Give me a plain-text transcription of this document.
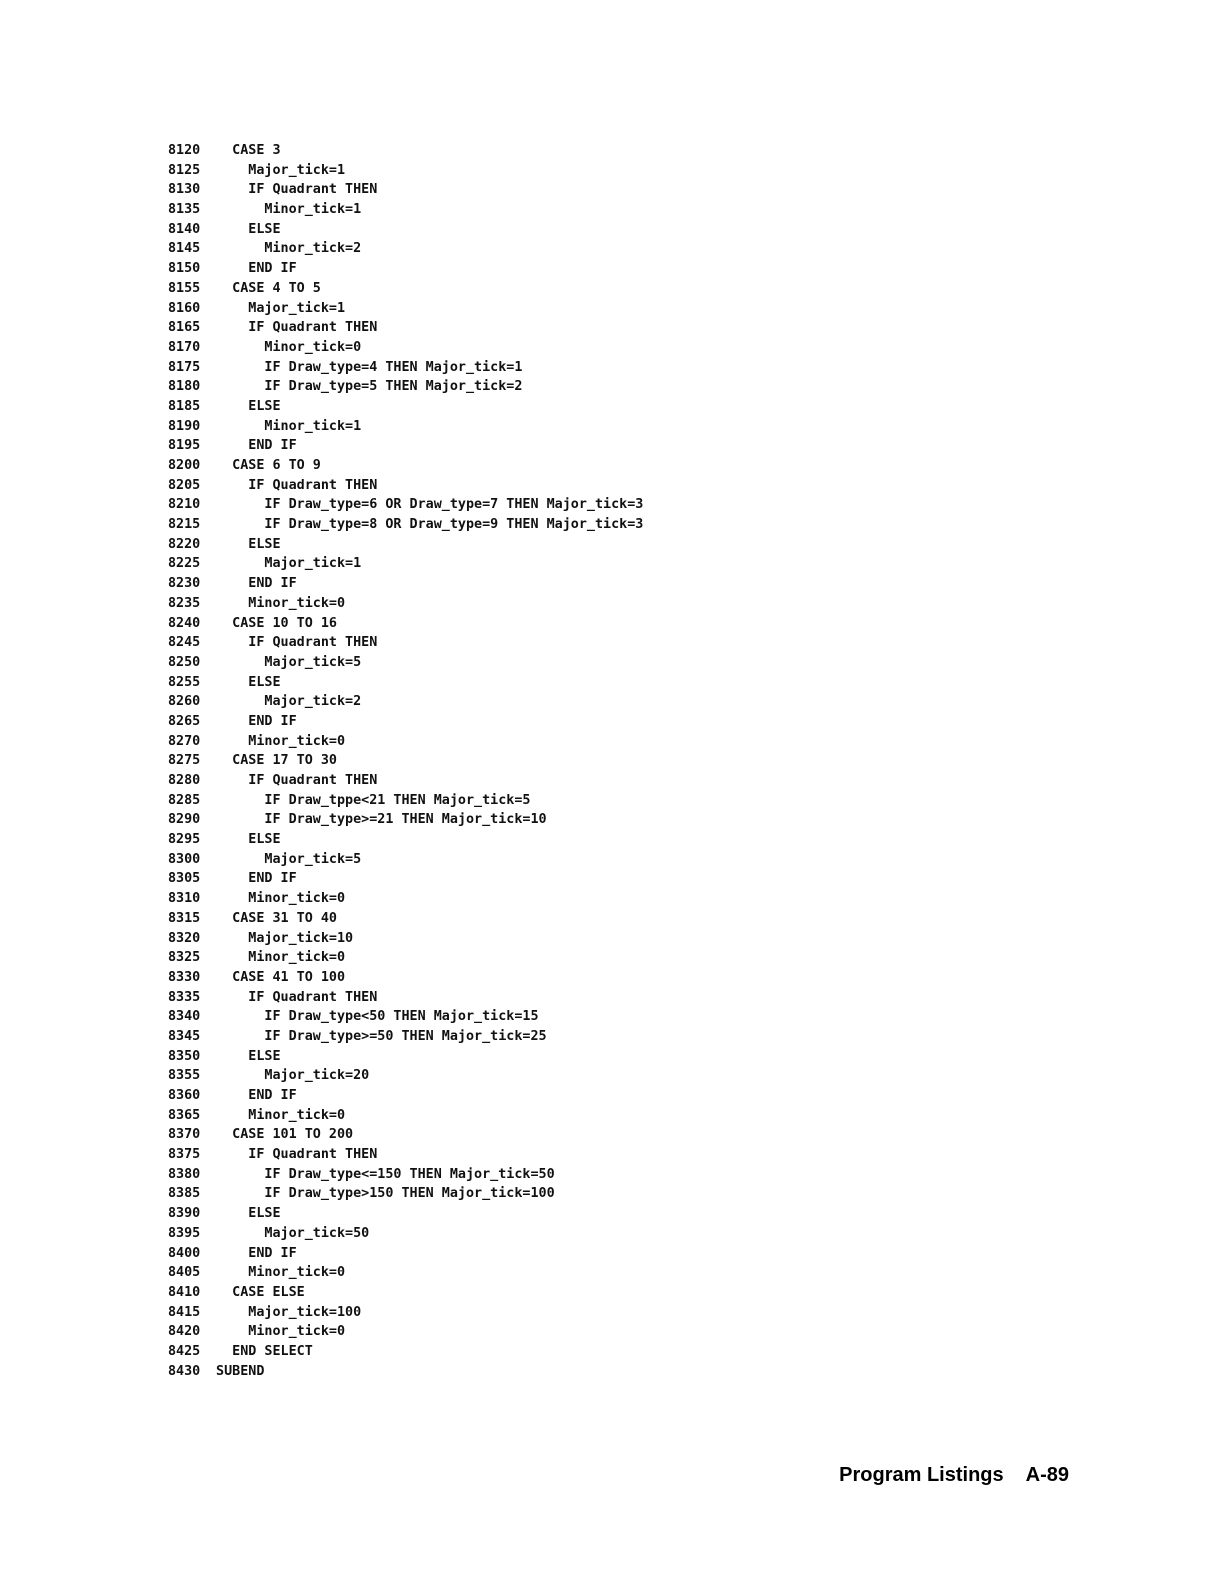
8120   CASE 3
8125     Major_tick=1
8130     IF Quadrant THEN
8135       Minor_tick=1
8140     ELSE
8145       Minor_tick=2
8150     END IF
8155   CASE 4 TO 5
8160     Major_tick=1
8165     IF Quadrant THEN
8170       Minor_tick=0
8175       IF Draw_type=4 THEN Major_tick=1
8180       IF Draw_type=5 THEN Major_tick=2
8185     ELSE
8190       Minor_tick=1
8195     END IF
8200   CASE 6 TO 9
8205     IF Quadrant THEN
8210       IF Draw_type=6 OR Draw_type=7 THEN Major_tick=3
8215       IF Draw_type=8 OR Draw_type=9 THEN Major_tick=3
8220     ELSE
8225       Major_tick=1
8230     END IF
8235     Minor_tick=0
8240   CASE 10 TO 16
8245     IF Quadrant THEN
8250       Major_tick=5
8255     ELSE
8260       Major_tick=2
8265     END IF
8270     Minor_tick=0
8275   CASE 17 TO 30
8280     IF Quadrant THEN
8285       IF Draw_tppe<21 THEN Major_tick=5
8290       IF Draw_type>=21 THEN Major_tick=10
8295     ELSE
8300       Major_tick=5
8305     END IF
8310     Minor_tick=0
8315   CASE 31 TO 40
8320     Major_tick=10
8325     Minor_tick=0
8330   CASE 41 TO 100
8335     IF Quadrant THEN
8340       IF Draw_type<50 THEN Major_tick=15
8345       IF Draw_type>=50 THEN Major_tick=25
8350     ELSE
8355       Major_tick=20
8360     END IF
8365     Minor_tick=0
8370   CASE 101 TO 200
8375     IF Quadrant THEN
8380       IF Draw_type<=150 THEN Major_tick=50
8385       IF Draw_type>150 THEN Major_tick=100
8390     ELSE
8395       Major_tick=50
8400     END IF
8405     Minor_tick=0
8410   CASE ELSE
8415     Major_tick=100
8420     Minor_tick=0
8425   END SELECT
8430 SUBEND
Program Listings A-89
